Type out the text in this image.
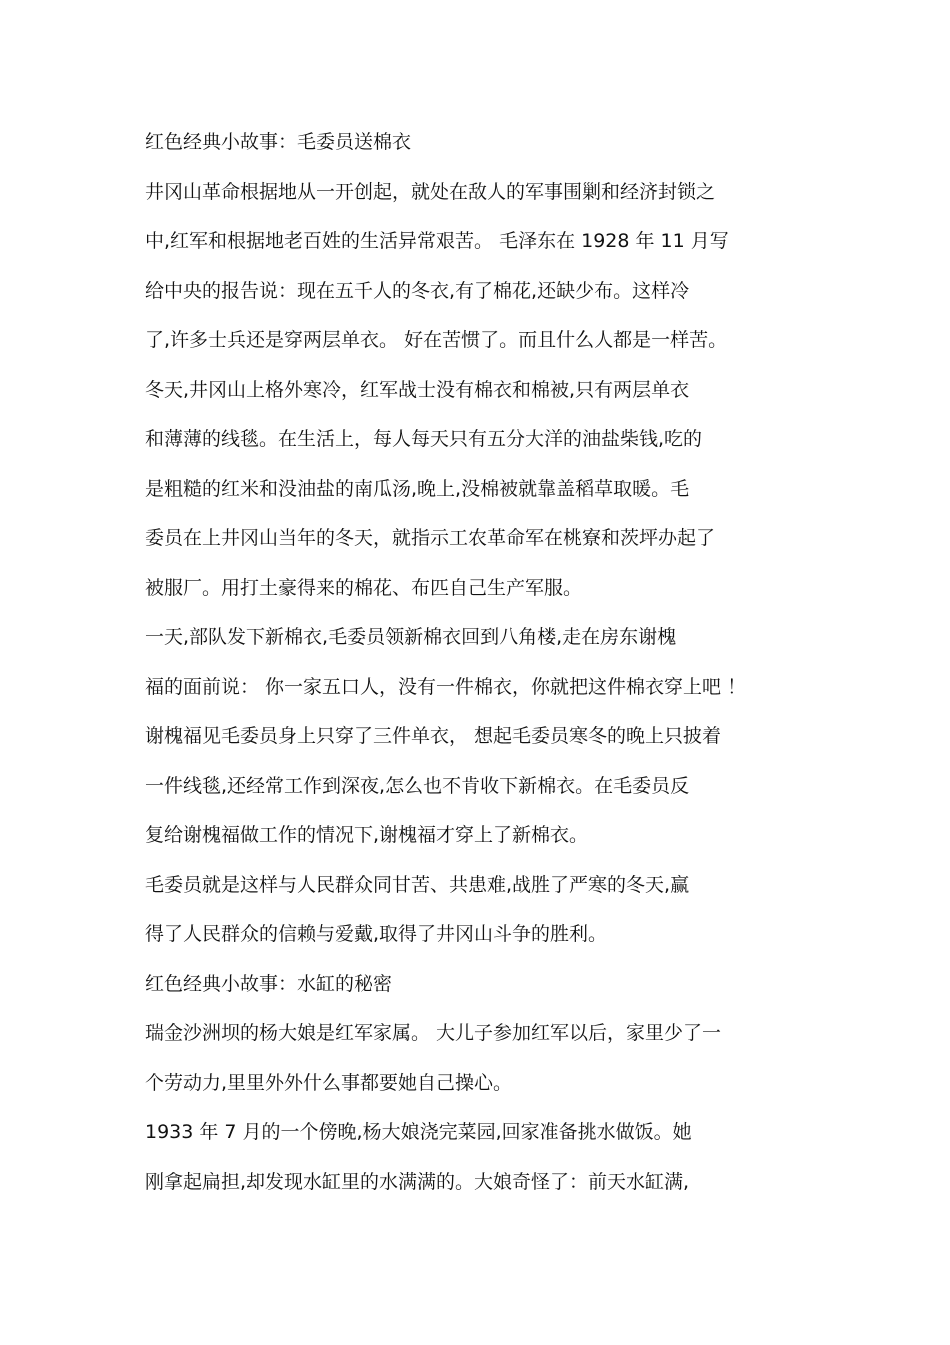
红色经典小故事：毛委员送棉衣
井冈山革命根据地从一开创起，就处在敌人的军事围剿和经济封锁之
中,红军和根据地老百姓的生活异常艰苦。 毛泽东在 1928 年 11 月写
给中央的报告说：现在五千人的冬衣,有了棉花,还缺少布。这样冷
了,许多士兵还是穿两层单衣。 好在苦惯了。而且什么人都是一样苦。
冬天,井冈山上格外寒冷，红军战士没有棉衣和棉被,只有两层单衣
和薄薄的线毯。在生活上，每人每天只有五分大洋的油盐柴钱,吃的
是粗糙的红米和没油盐的南瓜汤,晚上,没棉被就靠盖稻草取暖。毛
委员在上井冈山当年的冬天，就指示工农革命军在桃寮和茨坪办起了
被服厂。用打土豪得来的棉花、布匹自己生产军服。
一天,部队发下新棉衣,毛委员领新棉衣回到八角楼,走在房东谢槐
福的面前说： 你一家五口人，没有一件棉衣，你就把这件棉衣穿上吧 ！
谢槐福见毛委员身上只穿了三件单衣， 想起毛委员寒冬的晚上只披着
一件线毯,还经常工作到深夜,怎么也不肯收下新棉衣。在毛委员反
复给谢槐福做工作的情况下,谢槐福才穿上了新棉衣。
毛委员就是这样与人民群众同甘苦、共患难,战胜了严寒的冬天,赢
得了人民群众的信赖与爱戴,取得了井冈山斗争的胜利。
红色经典小故事：水缸的秘密
瑞金沙洲坝的杨大娘是红军家属。 大儿子参加红军以后，家里少了一
个劳动力,里里外外什么事都要她自己操心。
1933 年 7 月的一个傍晚,杨大娘浇完菜园,回家准备挑水做饭。她
刚拿起扁担,却发现水缸里的水满满的。大娘奇怪了：前天水缸满,
